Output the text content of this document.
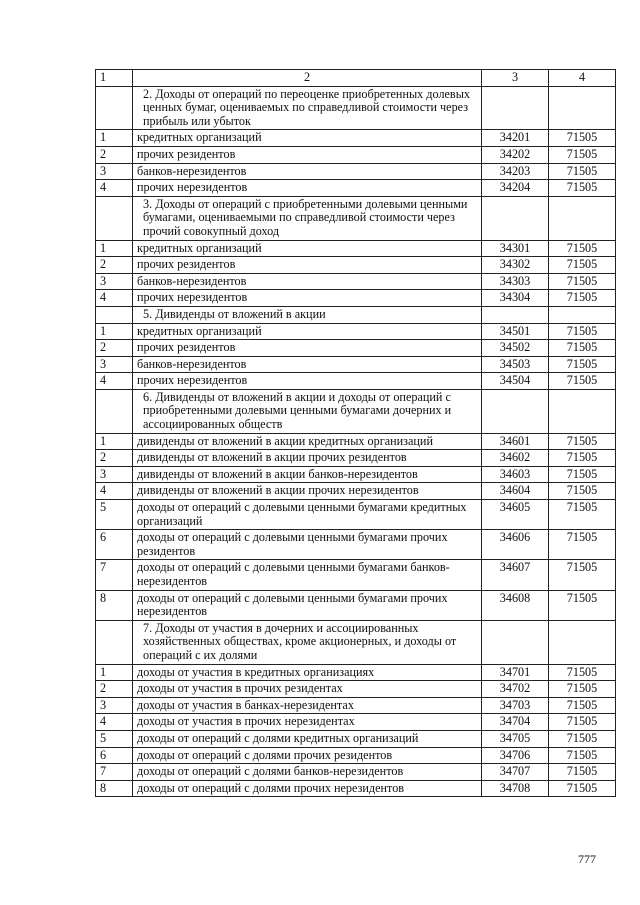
1	2	3	4
	2. Доходы от операций по переоценке приобретенных долевых ценных бумаг, оцениваемых по справедливой стоимости через прибыль или убыток		
1	кредитных организаций	34201	71505
2	прочих резидентов	34202	71505
3	банков-нерезидентов	34203	71505
4	прочих нерезидентов	34204	71505
	3. Доходы от операций с приобретенными долевыми ценными бумагами, оцениваемыми по справедливой стоимости через прочий совокупный доход		
1	кредитных организаций	34301	71505
2	прочих резидентов	34302	71505
3	банков-нерезидентов	34303	71505
4	прочих нерезидентов	34304	71505
	5. Дивиденды от вложений в акции		
1	кредитных организаций	34501	71505
2	прочих резидентов	34502	71505
3	банков-нерезидентов	34503	71505
4	прочих нерезидентов	34504	71505
	6. Дивиденды от вложений в акции и доходы от операций с приобретенными долевыми ценными бумагами дочерних и ассоциированных обществ		
1	дивиденды от вложений в акции кредитных организаций	34601	71505
2	дивиденды от вложений в акции прочих резидентов	34602	71505
3	дивиденды от вложений в акции банков-нерезидентов	34603	71505
4	дивиденды от вложений в акции прочих нерезидентов	34604	71505
5	доходы от операций с долевыми ценными бумагами кредитных организаций	34605	71505
6	доходы от операций с долевыми ценными бумагами прочих резидентов	34606	71505
7	доходы от операций с долевыми ценными бумагами банков-нерезидентов	34607	71505
8	доходы от операций с долевыми ценными бумагами прочих нерезидентов	34608	71505
	7. Доходы от участия в дочерних и ассоциированных хозяйственных обществах, кроме акционерных, и доходы от операций с их долями		
1	доходы от участия в кредитных организациях	34701	71505
2	доходы от участия в прочих резидентах	34702	71505
3	доходы от участия в банках-нерезидентах	34703	71505
4	доходы от участия в прочих нерезидентах	34704	71505
5	доходы от операций с долями кредитных организаций	34705	71505
6	доходы от операций с долями прочих резидентов	34706	71505
7	доходы от операций с долями банков-нерезидентов	34707	71505
8	доходы от операций с долями прочих нерезидентов	34708	71505
777
